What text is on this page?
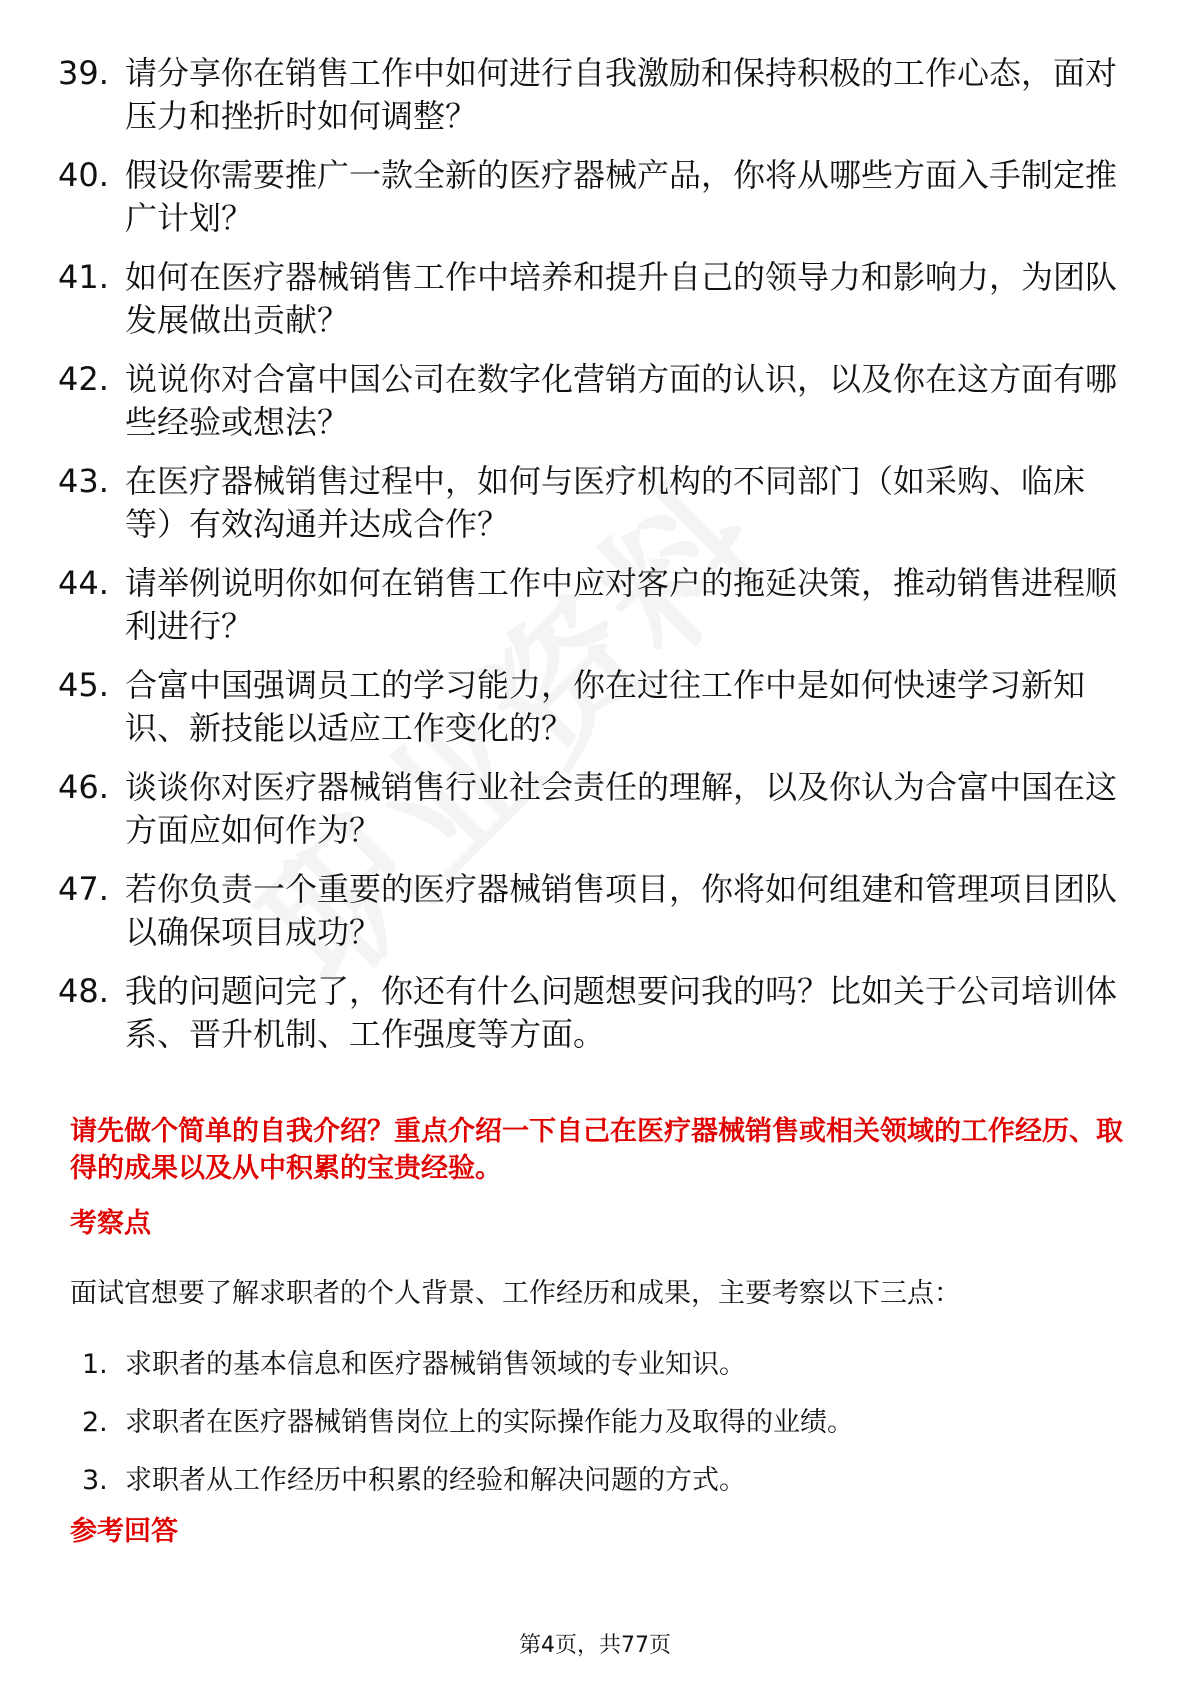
39. 请分享你在销售工作中如何进行自我激励和保持积极的工作心态，面对压力和挫折时如何调整？
40. 假设你需要推广一款全新的医疗器械产品，你将从哪些方面入手制定推广计划？
41. 如何在医疗器械销售工作中培养和提升自己的领导力和影响力，为团队发展做出贡献？
42. 说说你对合富中国公司在数字化营销方面的认识，以及你在这方面有哪些经验或想法？
43. 在医疗器械销售过程中，如何与医疗机构的不同部门（如采购、临床等）有效沟通并达成合作？
44. 请举例说明你如何在销售工作中应对客户的拖延决策，推动销售进程顺利进行？
45. 合富中国强调员工的学习能力，你在过往工作中是如何快速学习新知识、新技能以适应工作变化的？
46. 谈谈你对医疗器械销售行业社会责任的理解，以及你认为合富中国在这方面应如何作为？
47. 若你负责一个重要的医疗器械销售项目，你将如何组建和管理项目团队以确保项目成功？
48. 我的问题问完了，你还有什么问题想要问我的吗？比如关于公司培训体系、晋升机制、工作强度等方面。

请先做个简单的自我介绍？重点介绍一下自己在医疗器械销售或相关领域的工作经历、取得的成果以及从中积累的宝贵经验。

考察点

面试官想要了解求职者的个人背景、工作经历和成果，主要考察以下三点：

1. 求职者的基本信息和医疗器械销售领域的专业知识。
2. 求职者在医疗器械销售岗位上的实际操作能力及取得的业绩。
3. 求职者从工作经历中积累的经验和解决问题的方式。
参考回答
第4页，共77页
